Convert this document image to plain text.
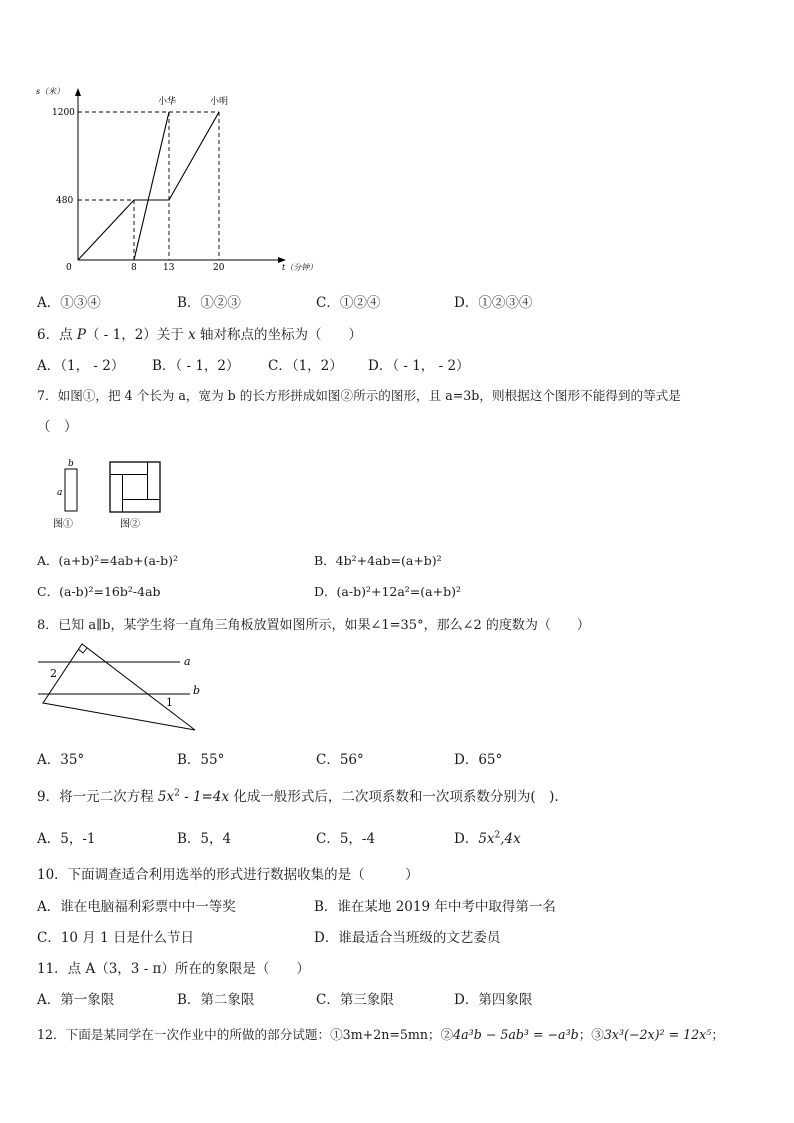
s（米）
1200
480
0	8	13	20	t（分钟）
小华	小明
A．①③④	B．①②③	C．①②④	D．①②③④
6．点 P（ - 1，2）关于 x 轴对称点的坐标为（　　）
A．（1， - 2） B．（ - 1，2） C．（1，2） D．（ - 1， - 2）
7．如图①，把 4 个长为 a，宽为 b 的长方形拼成如图②所示的图形，且 a=3b，则根据这个图形不能得到的等式是
（　）
b
a
图①	图②
A．(a+b)²=4ab+(a-b)²	B．4b²+4ab=(a+b)²
C．(a-b)²=16b²-4ab	D．(a-b)²+12a²=(a+b)²
8．已知 a∥b，某学生将一直角三角板放置如图所示，如果∠1=35°，那么∠2 的度数为（　　）
a
b
1
2
A．35°	B．55°	C．56°	D．65°
9．将一元二次方程 $5x^2 - 1=4x$ 化成一般形式后，二次项系数和一次项系数分别为(　).
A．5，-1	B．5，4	C．5，-4	D．$5x^2,4x$
10．下面调查适合利用选举的形式进行数据收集的是（　　　）
A．谁在电脑福利彩票中中一等奖	B．谁在某地 2019 年中考中取得第一名
C．10 月 1 日是什么节日	D．谁最适合当班级的文艺委员
11．点 A（3，3 - π）所在的象限是（　　）
A．第一象限	B．第二象限	C．第三象限	D．第四象限
12．下面是某同学在一次作业中的所做的部分试题：①3m+2n=5mn；②4a³b − 5ab³ = −a³b；③3x³(−2x)² = 12x⁵；
